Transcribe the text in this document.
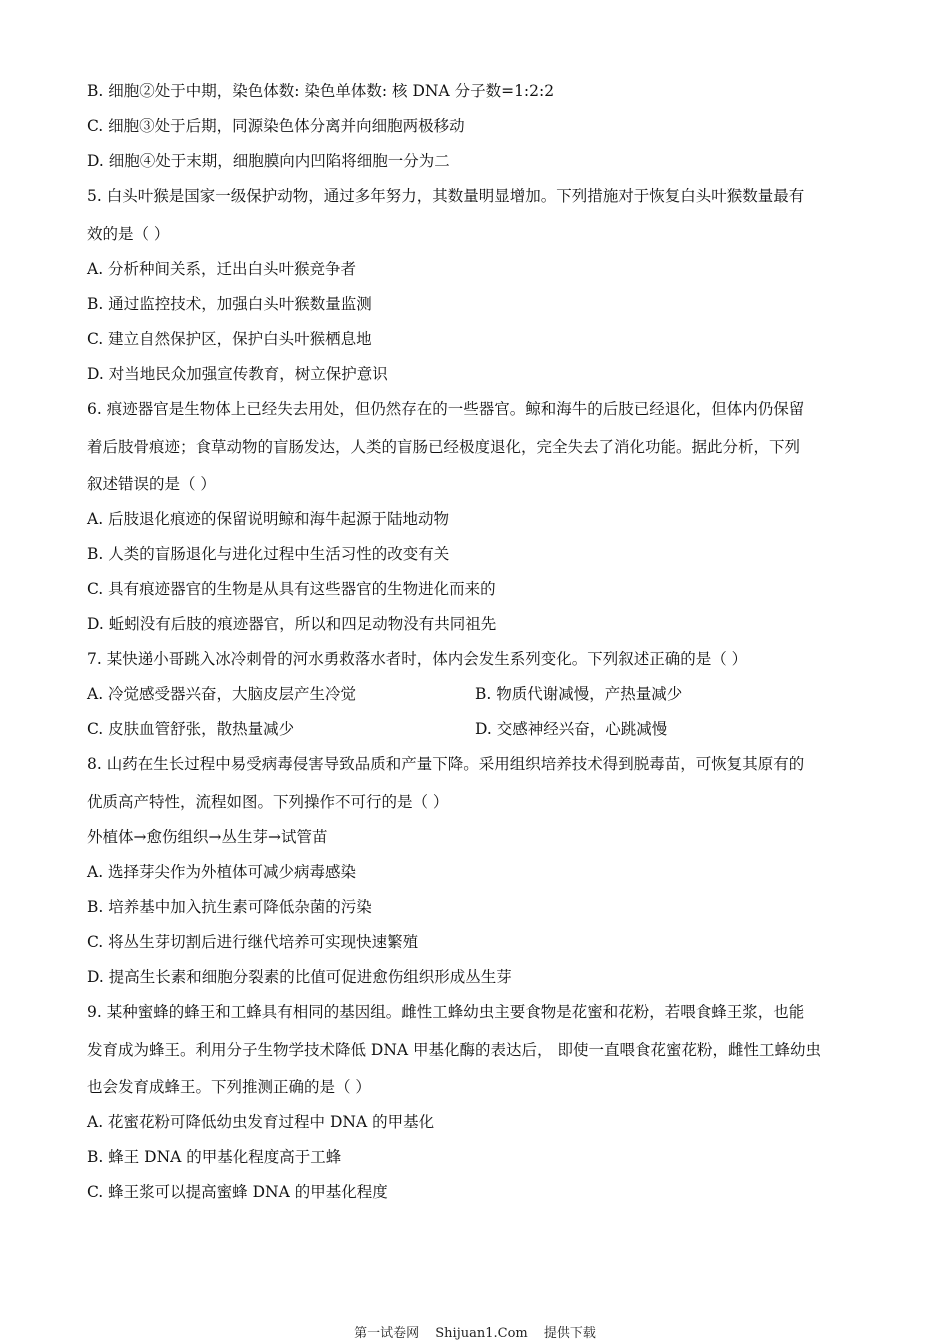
B. 细胞②处于中期，染色体数: 染色单体数: 核 DNA 分子数=1:2:2
C. 细胞③处于后期，同源染色体分离并向细胞两极移动
D. 细胞④处于末期，细胞膜向内凹陷将细胞一分为二
5. 白头叶猴是国家一级保护动物，通过多年努力，其数量明显增加。下列措施对于恢复白头叶猴数量最有
效的是（ ）
A. 分析种间关系，迁出白头叶猴竞争者
B. 通过监控技术，加强白头叶猴数量监测
C. 建立自然保护区，保护白头叶猴栖息地
D. 对当地民众加强宣传教育，树立保护意识
6. 痕迹器官是生物体上已经失去用处，但仍然存在的一些器官。鲸和海牛的后肢已经退化，但体内仍保留
着后肢骨痕迹；食草动物的盲肠发达，人类的盲肠已经极度退化，完全失去了消化功能。据此分析，下列
叙述错误的是（ ）
A. 后肢退化痕迹的保留说明鲸和海牛起源于陆地动物
B. 人类的盲肠退化与进化过程中生活习性的改变有关
C. 具有痕迹器官的生物是从具有这些器官的生物进化而来的
D. 蚯蚓没有后肢的痕迹器官，所以和四足动物没有共同祖先
7. 某快递小哥跳入冰冷刺骨的河水勇救落水者时，体内会发生系列变化。下列叙述正确的是（ ）
A. 冷觉感受器兴奋，大脑皮层产生冷觉	B. 物质代谢减慢，产热量减少
C. 皮肤血管舒张，散热量减少	D. 交感神经兴奋，心跳减慢
8. 山药在生长过程中易受病毒侵害导致品质和产量下降。采用组织培养技术得到脱毒苗，可恢复其原有的
优质高产特性，流程如图。下列操作不可行的是（ ）
外植体→愈伤组织→丛生芽→试管苗
A. 选择芽尖作为外植体可减少病毒感染
B. 培养基中加入抗生素可降低杂菌的污染
C. 将丛生芽切割后进行继代培养可实现快速繁殖
D. 提高生长素和细胞分裂素的比值可促进愈伤组织形成丛生芽
9. 某种蜜蜂的蜂王和工蜂具有相同的基因组。雌性工蜂幼虫主要食物是花蜜和花粉，若喂食蜂王浆，也能
发育成为蜂王。利用分子生物学技术降低 DNA 甲基化酶的表达后， 即使一直喂食花蜜花粉，雌性工蜂幼虫
也会发育成蜂王。下列推测正确的是（ ）
A. 花蜜花粉可降低幼虫发育过程中 DNA 的甲基化
B. 蜂王 DNA 的甲基化程度高于工蜂
C. 蜂王浆可以提高蜜蜂 DNA 的甲基化程度
第一试卷网 Shijuan1.Com 提供下载
